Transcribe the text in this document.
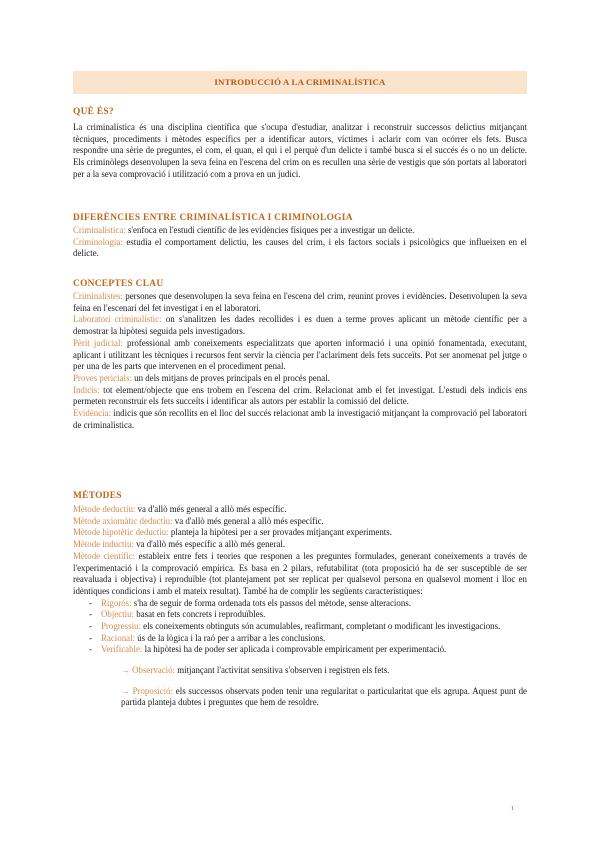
INTRODUCCIÓ A LA CRIMINALÍSTICA

QUÈ ÉS?

La criminalística és una disciplina científica que s'ocupa d'estudiar, analitzar i reconstruir successos delictius mitjançant tècniques, procediments i mètodes específics per a identificar autors, víctimes i aclarir com van ocórrer els fets. Busca respondre una sèrie de preguntes, el com, el quan, el qui i el perquè d'un delicte i també busca si el succés és o no un delicte. Els criminòlegs desenvolupen la seva feina en l'escena del crim on es recullen una sèrie de vestigis que són portats al laboratori per a la seva comprovació i utilització com a prova en un judici.

DIFERÈNCIES ENTRE CRIMINALÍSTICA I CRIMINOLOGIA

Criminalística: s'enfoca en l'estudi científic de les evidències físiques per a investigar un delicte.

Criminologia: estudia el comportament delictiu, les causes del crim, i els factors socials i psicològics que influeixen en el delicte.

CONCEPTES CLAU

Criminalistes: persones que desenvolupen la seva feina en l'escena del crim, reunint proves i evidències. Desenvolupen la seva feina en l'escenari del fet investigat i en el laboratori.

Laboratori criminalístic: on s'analitzen les dades recollides i es duen a terme proves aplicant un mètode científic per a demostrar la hipòtesi seguida pels investigadors.

Pèrit judicial: professional amb coneixements especialitzats que aporten informació i una opinió fonamentada, executant, aplicant i utilitzant les tècniques i recursos fent servir la ciència per l'aclariment dels fets succeïts. Pot ser anomenat pel jutge o per una de les parts que intervenen en el procediment penal.

Proves pericials: un dels mitjans de proves principals en el procés penal.

Indicis: tot element/objecte que ens trobem en l'escena del crim. Relacionat amb el fet investigat. L'estudi dels indicis ens permeten reconstruir els fets succeïts i identificar als autors per establir la comissió del delicte.

Evidència: indicis que són recollits en el lloc del succés relacionat amb la investigació mitjançant la comprovació pel laboratori de criminalística.

MÈTODES

Mètode deductiu: va d'allò més general a allò més específic.

Mètode axiomàtic deductiu: va d'allò més general a allò més específic.

Mètode hipotètic deductiu: planteja la hipòtesi per a ser provades mitjançant experiments.

Mètode inductiu: va d'allò més específic a allò més general.

Mètode científic: estableix entre fets i teories que responen a les preguntes formulades, generant coneixements a través de l'experimentació i la comprovació empírica. Es basa en 2 pilars, refutabilitat (tota proposició ha de ser susceptible de ser reavaluada i objectiva) i reproduïble (tot plantejament pot ser replicat per qualsevol persona en qualsevol moment i lloc en idèntiques condicions i amb el mateix resultat). També ha de complir les següents característiques:

- Rigorós: s'ha de seguir de forma ordenada tots els passos del mètode, sense alteracions.
- Objectiu: basat en fets concrets i reproduïbles.
- Progressiu: els coneixements obtinguts són acumulables, reafirmant, completant o modificant les investigacions.
- Racional: ús de la lògica i la raó per a arribar a les conclusions.
- Verificable: la hipòtesi ha de poder ser aplicada i comprovable empíricament per experimentació.

→ Observació: mitjançant l'activitat sensitiva s'observen i registren els fets.

→ Proposició: els successos observats poden tenir una regularitat o particularitat que els agrupa. Aquest punt de partida planteja dubtes i preguntes que hem de resoldre.

1
